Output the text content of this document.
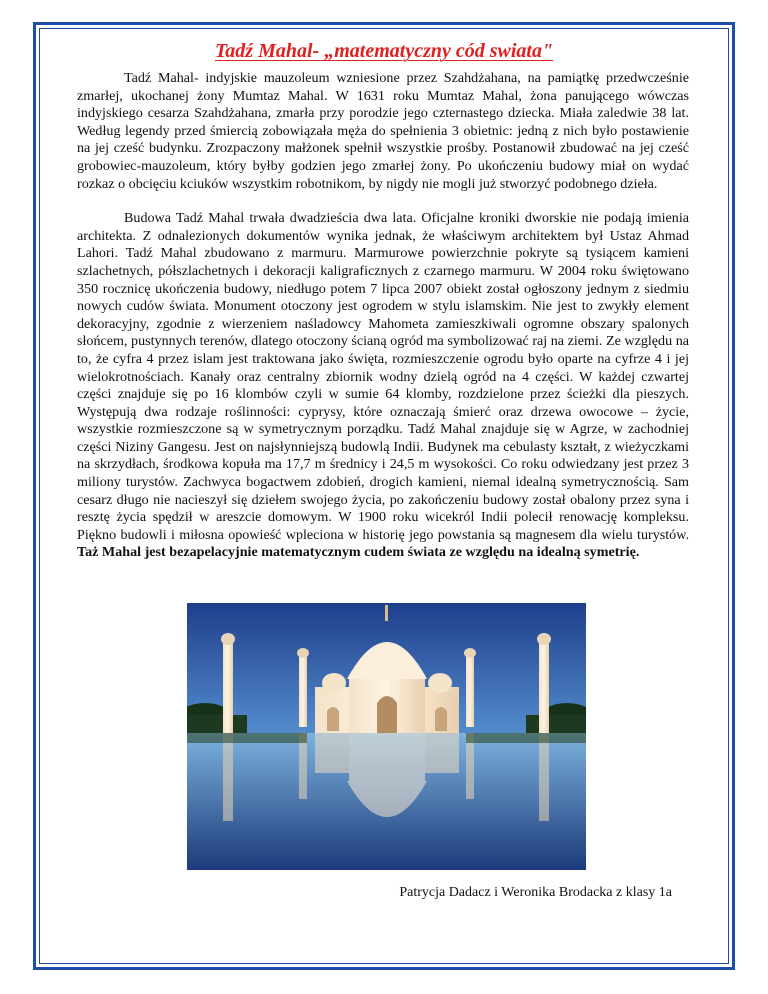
Tadź Mahal- „matematyczny cód swiata"

Tadź Mahal- indyjskie mauzoleum wzniesione przez Szahdżahana, na pamiątkę przedwcześnie zmarłej, ukochanej żony Mumtaz Mahal. W 1631 roku Mumtaz Mahal, żona panującego wówczas indyjskiego cesarza Szahdżahana, zmarła przy porodzie jego czternastego dziecka. Miała zaledwie 38 lat. Według legendy przed śmiercią zobowiązała męża do spełnienia 3 obietnic: jedną z nich było postawienie na jej cześć budynku. Zrozpaczony małżonek spełnił wszystkie prośby. Postanowił zbudować na jej cześć grobowiec-mauzoleum, który byłby godzien jego zmarłej żony. Po ukończeniu budowy miał on wydać rozkaz o obcięciu kciuków wszystkim robotnikom, by nigdy nie mogli już stworzyć podobnego dzieła.

Budowa Tadź Mahal trwała dwadzieścia dwa lata. Oficjalne kroniki dworskie nie podają imienia architekta. Z odnalezionych dokumentów wynika jednak, że właściwym architektem był Ustaz Ahmad Lahori. Tadź Mahal zbudowano z marmuru. Marmurowe powierzchnie pokryte są tysiącem kamieni szlachetnych, półszlachetnych i dekoracji kaligraficznych z czarnego marmuru. W 2004 roku świętowano 350 rocznicę ukończenia budowy, niedługo potem 7 lipca 2007 obiekt został ogłoszony jednym z siedmiu nowych cudów świata. Monument otoczony jest ogrodem w stylu islamskim. Nie jest to zwykły element dekoracyjny, zgodnie z wierzeniem naśladowcy Mahometa zamieszkiwali ogromne obszary spalonych słońcem, pustynnych terenów, dlatego otoczony ścianą ogród ma symbolizować raj na ziemi. Ze względu na to, że cyfra 4 przez islam jest traktowana jako święta, rozmieszczenie ogrodu było oparte na cyfrze 4 i jej wielokrotnościach. Kanały oraz centralny zbiornik wodny dzielą ogród na 4 części. W każdej czwartej części znajduje się po 16 klombów czyli w sumie 64 klomby, rozdzielone przez ścieżki dla pieszych. Występują dwa rodzaje roślinności: cyprysy, które oznaczają śmierć oraz drzewa owocowe – życie, wszystkie rozmieszczone są w symetrycznym porządku. Tadź Mahal znajduje się w Agrze, w zachodniej części Niziny Gangesu. Jest on najsłynniejszą budowlą Indii. Budynek ma cebulasty kształt, z wieżyczkami na skrzydłach, środkowa kopuła ma 17,7 m średnicy i 24,5 m wysokości. Co roku odwiedzany jest przez 3 miliony turystów. Zachwyca bogactwem zdobień, drogich kamieni, niemal idealną symetrycznością. Sam cesarz długo nie nacieszył się dziełem swojego życia, po zakończeniu budowy został obalony przez syna i resztę życia spędził w areszcie domowym. W 1900 roku wicekról Indii polecił renowację kompleksu. Piękno budowli i miłosna opowieść wpleciona w historię jego powstania są magnesem dla wielu turystów. Taż Mahal jest bezapelacyjnie matematycznym cudem świata ze względu na idealną symetrię.

Patrycja Dadacz i Weronika Brodacka z klasy 1a
